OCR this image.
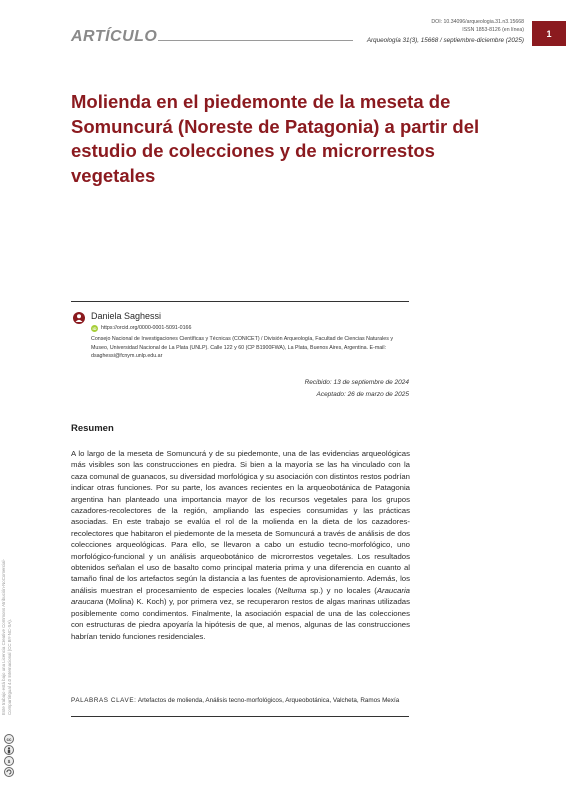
ARTÍCULO
DOI: 10.34096/arqueologia.31.n3.15668
ISSN 1853-8126 (en línea)
Arqueología 31(3), 15668 / septiembre-diciembre (2025)
1
Molienda en el piedemonte de la meseta de Somuncurá (Noreste de Patagonia) a partir del estudio de colecciones y de microrrestos vegetales
Daniela Saghessi
iD https://orcid.org/0000-0001-5091-0166
Consejo Nacional de Investigaciones Científicas y Técnicas (CONICET) / División Arqueología, Facultad de Ciencias Naturales y Museo, Universidad Nacional de La Plata (UNLP). Calle 122 y 60 (CP B1900FWA), La Plata, Buenos Aires, Argentina. E-mail: dsaghessi@fcnym.unlp.edu.ar
Recibido: 13 de septiembre de 2024
Aceptado: 26 de marzo de 2025
Resumen

A lo largo de la meseta de Somuncurá y de su piedemonte, una de las evidencias arqueológicas más visibles son las construcciones en piedra. Si bien a la mayoría se las ha vinculado con la caza comunal de guanacos, su diversidad morfológica y su asociación con distintos restos podrían indicar otras funciones. Por su parte, los avances recientes en la arqueobotánica de Patagonia argentina han planteado una importancia mayor de los recursos vegetales para los grupos cazadores-recolectores de la región, ampliando las especies consumidas y las prácticas asociadas. En este trabajo se evalúa el rol de la molienda en la dieta de los cazadores-recolectores que habitaron el piedemonte de la meseta de Somuncurá a través de análisis de dos colecciones arqueológicas. Para ello, se llevaron a cabo un estudio tecno-morfológico, uno morfológico-funcional y un análisis arqueobotánico de microrrestos vegetales. Los resultados obtenidos señalan el uso de basalto como principal materia prima y una diferencia en cuanto al tamaño final de los artefactos según la distancia a las fuentes de aprovisionamiento. Además, los análisis muestran el procesamiento de especies locales (Neltuma sp.) y no locales (Araucaria araucana (Molina) K. Koch) y, por primera vez, se recuperaron restos de algas marinas utilizadas posiblemente como condimentos. Finalmente, la asociación espacial de una de las colecciones con estructuras de piedra apoyaría la hipótesis de que, al menos, algunas de las construcciones habrían tenido funciones residenciales.

PALABRAS CLAVE: Artefactos de molienda, Análisis tecno-morfológicos, Arqueobotánica, Valcheta, Ramos Mexía
Este trabajo está bajo una Licencia Creative Commons Atribución-NoComercial-CompartirIgual 4.0 Internacional (CC BY-NC-SA).
cc
$
